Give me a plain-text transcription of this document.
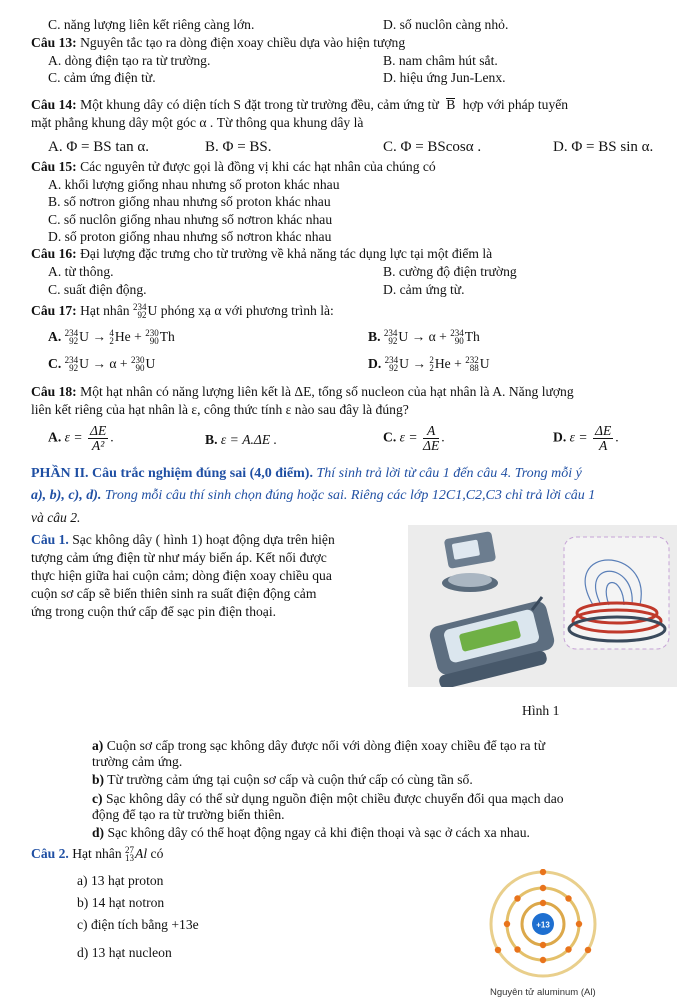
C. năng lượng liên kết riêng càng lớn.	D. số nuclôn càng nhỏ.
Câu 13: Nguyên tắc tạo ra dòng điện xoay chiều dựa vào hiện tượng
A. dòng điện tạo ra từ trường.	B. nam châm hút sắt.
C. cảm ứng điện từ.	D. hiệu ứng Jun-Lenx.
Câu 14: Một khung dây có diện tích S đặt trong từ trường đều, cảm ứng từ B hợp với pháp tuyến
mặt phẳng khung dây một góc α . Từ thông qua khung dây là
A. Φ = BS tan α.	B. Φ = BS.	C. Φ = BScosα .	D. Φ = BS sin α.
Câu 15: Các nguyên tử được gọi là đồng vị khi các hạt nhân của chúng có
A. khối lượng giống nhau nhưng số proton khác nhau
B. số nơtron giống nhau nhưng số proton khác nhau
C. số nuclôn giống nhau nhưng số nơtron khác nhau
D. số proton giống nhau nhưng số nơtron khác nhau
Câu 16: Đại lượng đặc trưng cho từ trường về khả năng tác dụng lực tại một điểm là
A. từ thông.	B. cường độ điện trường
C. suất điện động.	D. cảm ứng từ.
Câu 17: Hạt nhân 234
92 U phóng xạ α với phương trình là:
A. 234
92 U → 4
2 He + 230
90 Th	B. 234
92 U → α + 234
90 Th
C. 234
92 U → α + 230
90 U	D. 234
92 U → 2
2 He + 232
88 U
Câu 18: Một hạt nhân có năng lượng liên kết là ΔE, tổng số nucleon của hạt nhân là A. Năng lượng
liên kết riêng của hạt nhân là ε, công thức tính ε nào sau đây là đúng?
A. $\varepsilon = \frac{\Delta E}{\text{A²}}$ .	B. ε = A.ΔE .	C. $\varepsilon = \frac{A}{\Delta E}$ .	D. $\varepsilon = \frac{\Delta E}{A}$ .
PHẦN II. Câu trắc nghiệm đúng sai (4,0 điểm). Thí sinh trả lời từ câu 1 đến câu 4. Trong mỗi ý
a), b), c), d). Trong mỗi câu thí sinh chọn đúng hoặc sai. Riêng các lớp 12C1,C2,C3 chỉ trả lời câu 1
và câu 2.
Câu 1. Sạc không dây ( hình 1) hoạt động dựa trên hiện
tượng cảm ứng điện từ như máy biến áp. Kết nối được
thực hiện giữa hai cuộn cảm; dòng điện xoay chiều qua
cuộn sơ cấp sẽ biến thiên sinh ra suất điện động cảm
ứng trong cuộn thứ cấp để sạc pin điện thoại.
Hình 1
a) Cuộn sơ cấp trong sạc không dây được nối với dòng điện xoay chiều để tạo ra từ
trường cảm ứng.
b) Từ trường cảm ứng tại cuộn sơ cấp và cuộn thứ cấp có cùng tần số.
c) Sạc không dây có thể sử dụng nguồn điện một chiều được chuyển đổi qua mạch dao
động để tạo ra từ trường biến thiên.
d) Sạc không dây có thể hoạt động ngay cả khi điện thoại và sạc ở cách xa nhau.
Câu 2. Hạt nhân 27
13 Al có
a) 13 hạt proton
b) 14 hạt notron
c) điện tích bằng +13e
d) 13 hạt nucleon
+13
Nguyên tử aluminum (Al)
